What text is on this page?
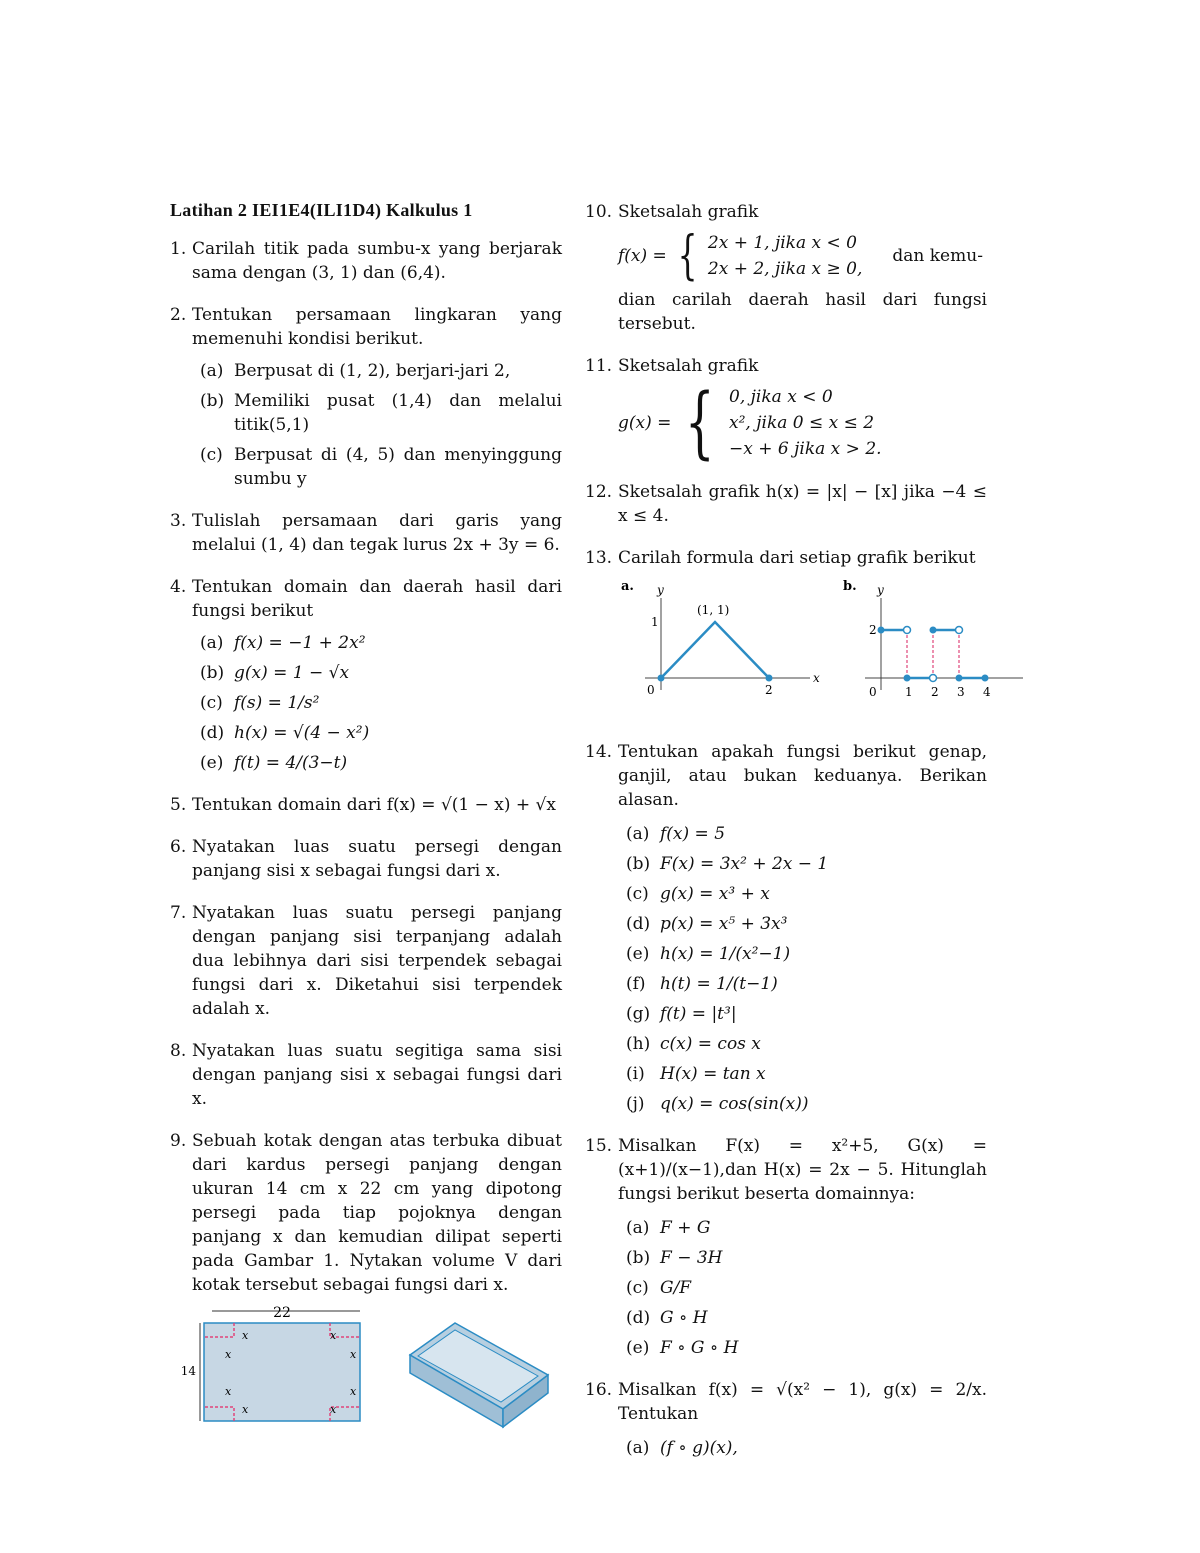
Latihan 2 IEI1E4(ILI1D4) Kalkulus 1
1. Carilah titik pada sumbu-x yang berjarak sama dengan (3, 1) dan (6,4).
2. Tentukan persamaan lingkaran yang memenuhi kondisi berikut.
(a) Berpusat di (1, 2), berjari-jari 2,
(b) Memiliki pusat (1,4) dan melalui titik(5,1)
(c) Berpusat di (4, 5) dan menyinggung sumbu y
3. Tulislah persamaan dari garis yang melalui (1, 4) dan tegak lurus 2x + 3y = 6.
4. Tentukan domain dan daerah hasil dari fungsi berikut
(a) f(x) = −1 + 2x²
(b) g(x) = 1 − √x
(c) f(s) = 1/s²
(d) h(x) = √(4 − x²)
(e) f(t) = 4/(3−t)
5. Tentukan domain dari f(x) = √(1 − x) + √x
6. Nyatakan luas suatu persegi dengan panjang sisi x sebagai fungsi dari x.
7. Nyatakan luas suatu persegi panjang dengan panjang sisi terpanjang adalah dua lebihnya dari sisi terpendek sebagai fungsi dari x. Diketahui sisi terpendek adalah x.
8. Nyatakan luas suatu segitiga sama sisi dengan panjang sisi x sebagai fungsi dari x.
9. Sebuah kotak dengan atas terbuka dibuat dari kardus persegi panjang dengan ukuran 14 cm x 22 cm yang dipotong persegi pada tiap pojoknya dengan panjang x dan kemudian dilipat seperti pada Gambar 1. Nytakan volume V dari kotak tersebut sebagai fungsi dari x.
22
14
x	x
x	x
x	x
x	x
10. Sketsalah grafik
f(x) = { 2x + 1, jika x < 0
2x + 2, jika x ≥ 0,
dan kemu-
dian carilah daerah hasil dari fungsi tersebut.
11. Sketsalah grafik
g(x) = { 0, jika x < 0
x², jika 0 ≤ x ≤ 2
−x + 6 jika x > 2.
12. Sketsalah grafik h(x) = |x| − [x] jika −4 ≤ x ≤ 4.
13. Carilah formula dari setiap grafik berikut
a. y
x
1
0	2
(1, 1)
b. y
2
0 1 2 3 4
14. Tentukan apakah fungsi berikut genap, ganjil, atau bukan keduanya. Berikan alasan.
(a) f(x) = 5
(b) F(x) = 3x² + 2x − 1
(c) g(x) = x³ + x
(d) p(x) = x⁵ + 3x³
(e) h(x) = 1/(x²−1)
(f) h(t) = 1/(t−1)
(g) f(t) = |t³|
(h) c(x) = cos x
(i) H(x) = tan x
(j) q(x) = cos(sin(x))
15. Misalkan F(x) = x²+5, G(x) = (x+1)/(x−1),dan H(x) = 2x − 5. Hitunglah fungsi berikut beserta domainnya:
(a) F + G
(b) F − 3H
(c) G/F
(d) G ∘ H
(e) F ∘ G ∘ H
16. Misalkan f(x) = √(x² − 1), g(x) = 2/x. Tentukan
(a) (f ∘ g)(x),
